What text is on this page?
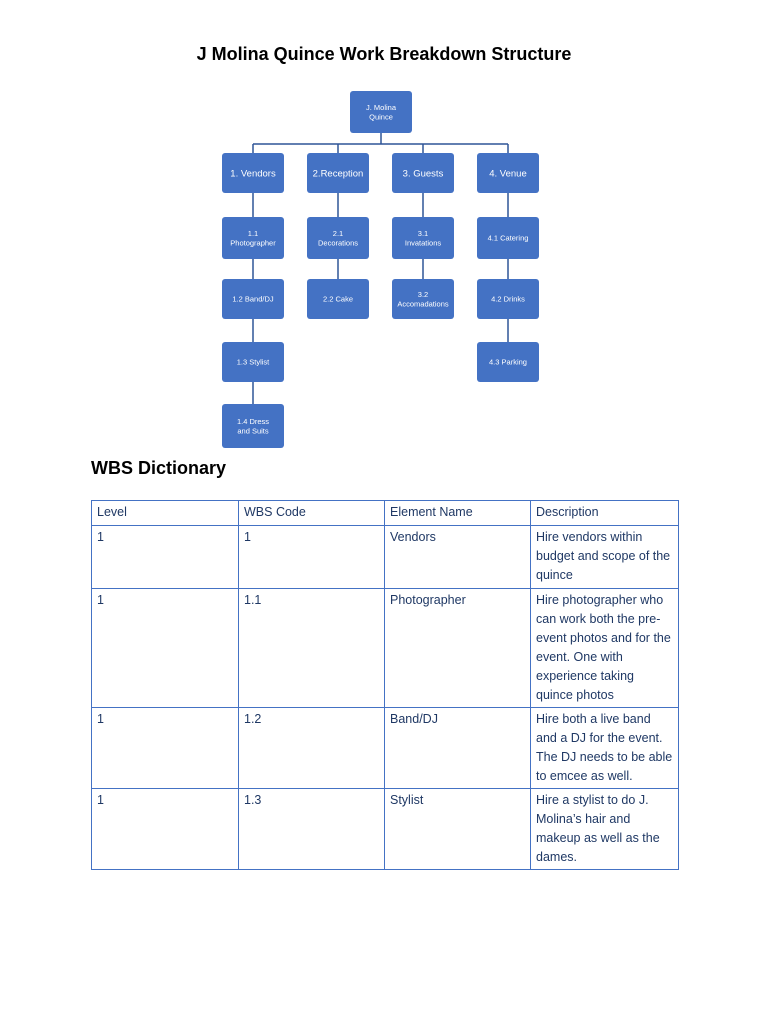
J Molina Quince Work Breakdown Structure
J. Molina
Quince
1. Vendors
1.1
Photographer
1.2 Band/DJ
1.3 Stylist
1.4 Dress
and Suits
2.Reception
2.1
Decorations
2.2 Cake
3. Guests
3.1
Invatations
3.2
Accomadations
4. Venue
4.1 Catering
4.2 Drinks
4.3 Parking
WBS Dictionary
Level	WBS Code	Element Name	Description
1	1	Vendors	Hire vendors within budget and scope of the quince
1	1.1	Photographer	Hire photographer who can work both the pre-event photos and for the event. One with experience taking quince photos
1	1.2	Band/DJ	Hire both a live band and a DJ for the event. The DJ needs to be able to emcee as well.
1	1.3	Stylist	Hire a stylist to do J. Molina’s hair and makeup as well as the dames.
